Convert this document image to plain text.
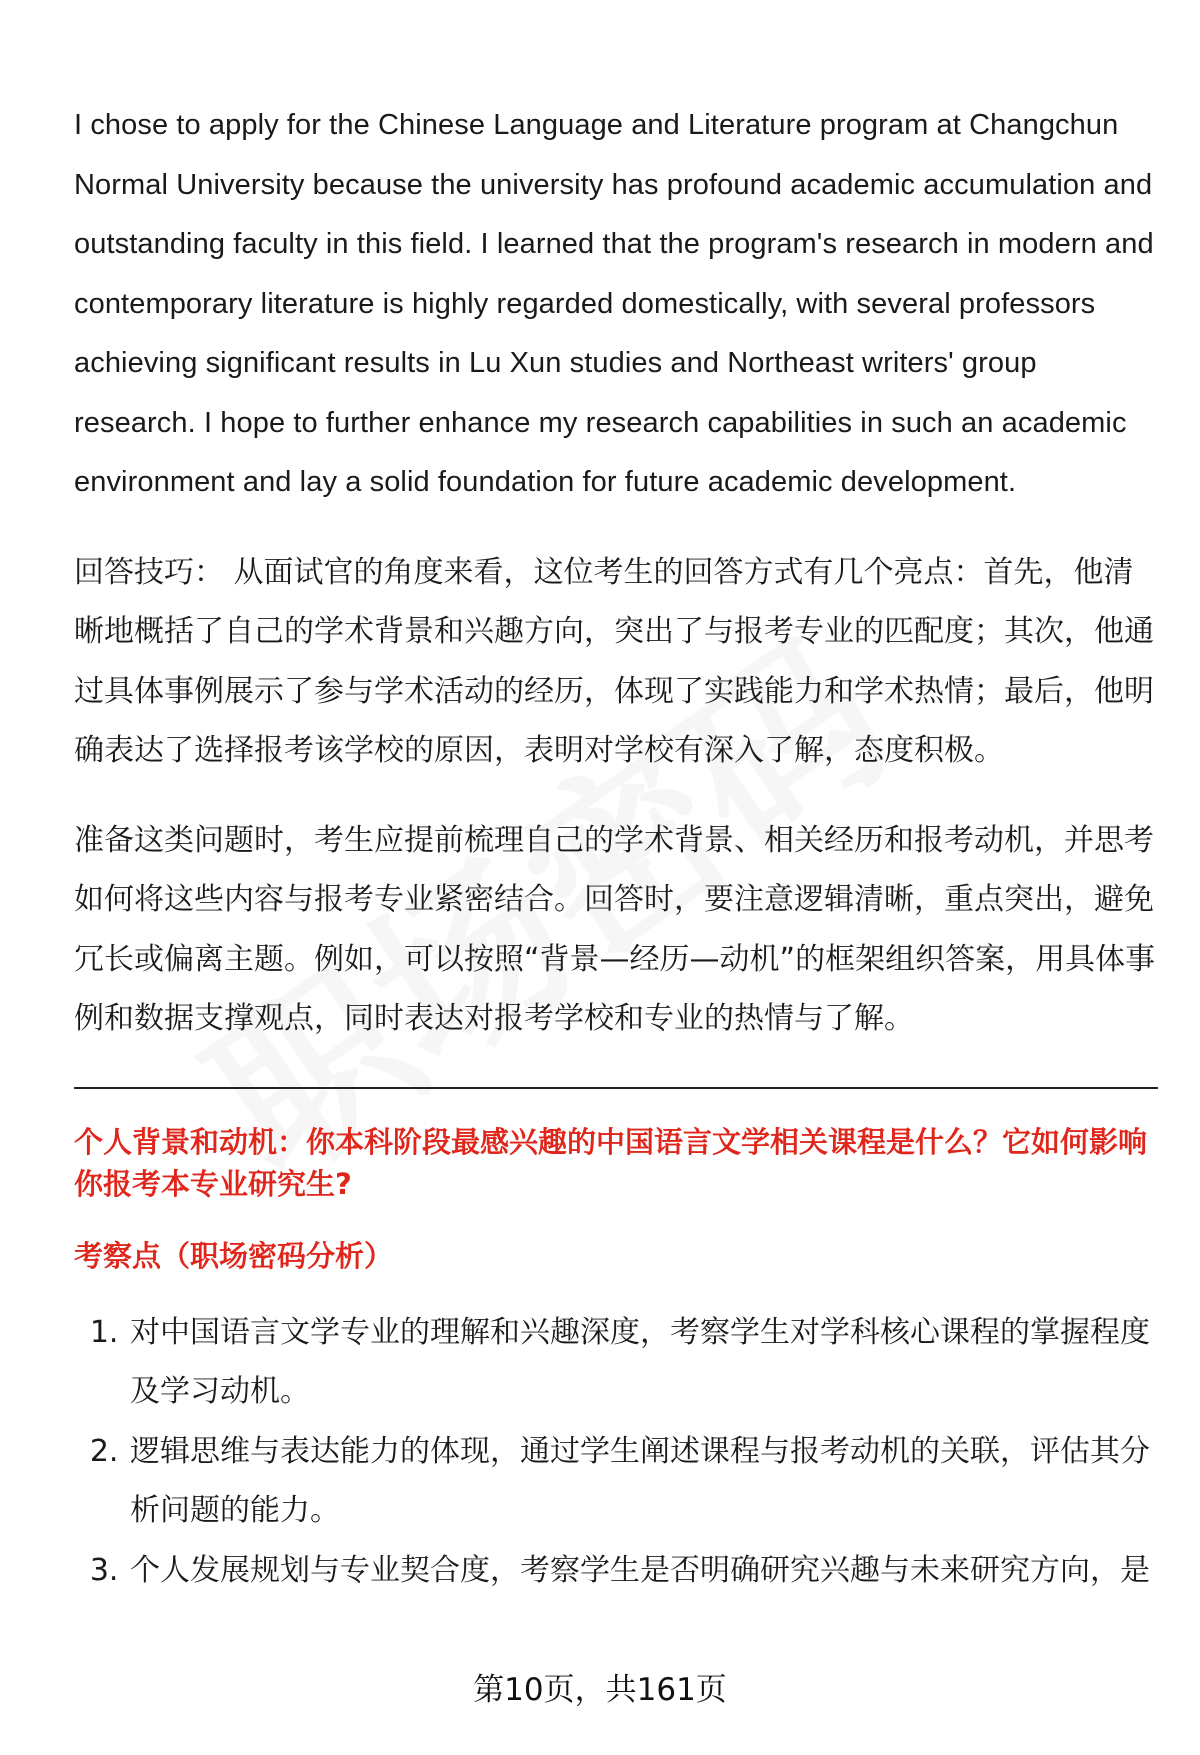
I chose to apply for the Chinese Language and Literature program at Changchun Normal University because the university has profound academic accumulation and outstanding faculty in this field. I learned that the program's research in modern and contemporary literature is highly regarded domestically, with several professors achieving significant results in Lu Xun studies and Northeast writers' group research. I hope to further enhance my research capabilities in such an academic environment and lay a solid foundation for future academic development.

回答技巧： 从面试官的角度来看，这位考生的回答方式有几个亮点：首先，他清晰地概括了自己的学术背景和兴趣方向，突出了与报考专业的匹配度；其次，他通过具体事例展示了参与学术活动的经历，体现了实践能力和学术热情；最后，他明确表达了选择报考该学校的原因，表明对学校有深入了解，态度积极。

准备这类问题时，考生应提前梳理自己的学术背景、相关经历和报考动机，并思考如何将这些内容与报考专业紧密结合。回答时，要注意逻辑清晰，重点突出，避免冗长或偏离主题。例如，可以按照“背景—经历—动机”的框架组织答案，用具体事例和数据支撑观点，同时表达对报考学校和专业的热情与了解。

个人背景和动机：你本科阶段最感兴趣的中国语言文学相关课程是什么？它如何影响你报考本专业研究生?

考察点（职场密码分析）

1. 对中国语言文学专业的理解和兴趣深度，考察学生对学科核心课程的掌握程度及学习动机。
2. 逻辑思维与表达能力的体现，通过学生阐述课程与报考动机的关联，评估其分析问题的能力。
3. 个人发展规划与专业契合度，考察学生是否明确研究兴趣与未来研究方向，是
第10页，共161页
